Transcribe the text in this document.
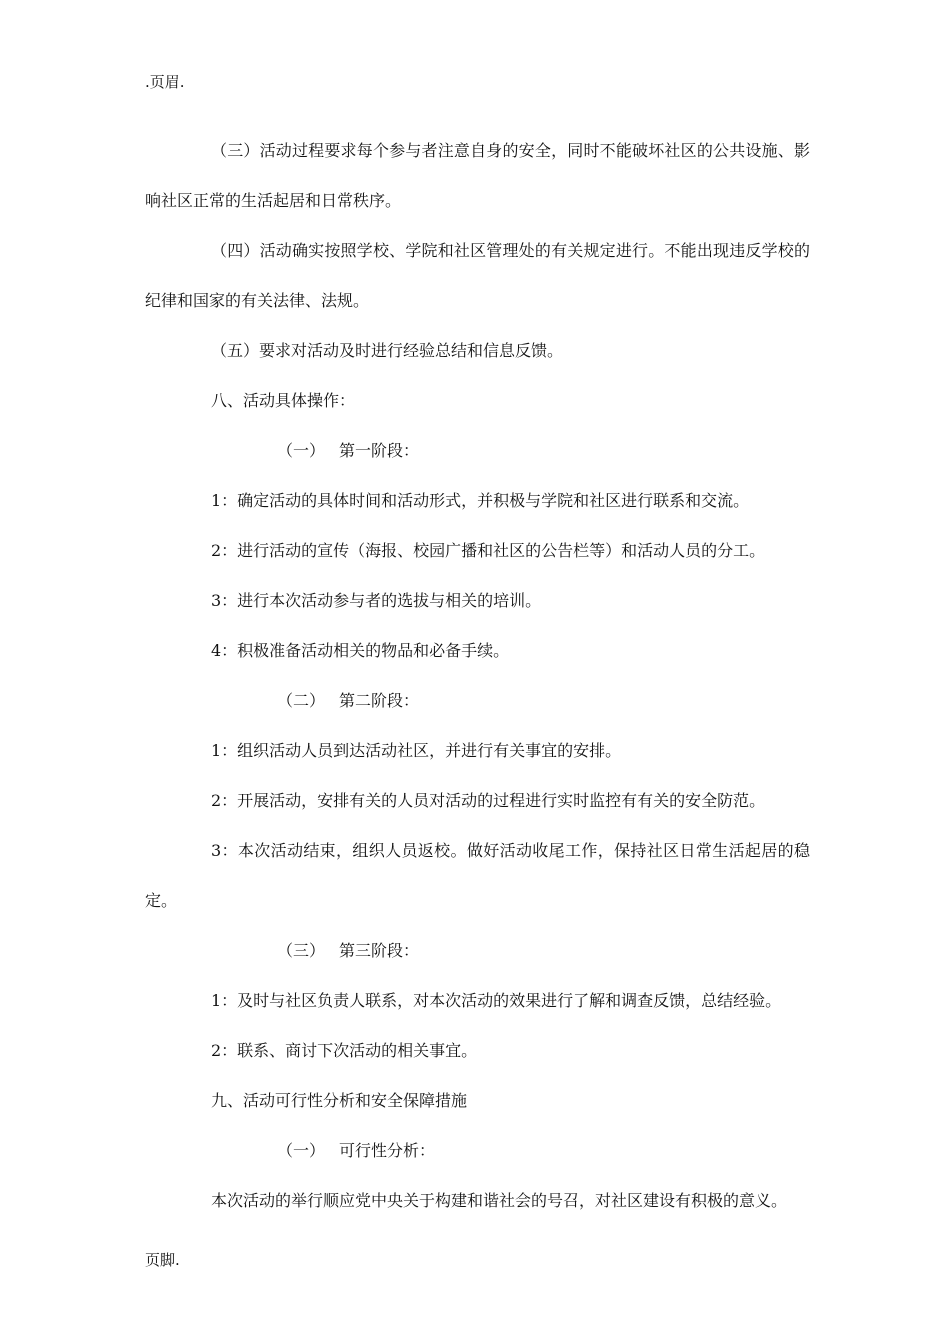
.页眉.

（三）活动过程要求每个参与者注意自身的安全，同时不能破坏社区的公共设施、影响社区正常的生活起居和日常秩序。

（四）活动确实按照学校、学院和社区管理处的有关规定进行。不能出现违反学校的纪律和国家的有关法律、法规。

（五）要求对活动及时进行经验总结和信息反馈。

八、活动具体操作：

（一） 第一阶段：

1：确定活动的具体时间和活动形式，并积极与学院和社区进行联系和交流。

2：进行活动的宣传（海报、校园广播和社区的公告栏等）和活动人员的分工。

3：进行本次活动参与者的选拔与相关的培训。

4：积极准备活动相关的物品和必备手续。

（二） 第二阶段：

1：组织活动人员到达活动社区，并进行有关事宜的安排。

2：开展活动，安排有关的人员对活动的过程进行实时监控有有关的安全防范。

3：本次活动结束，组织人员返校。做好活动收尾工作，保持社区日常生活起居的稳定。

（三） 第三阶段：

1：及时与社区负责人联系，对本次活动的效果进行了解和调查反馈，总结经验。

2：联系、商讨下次活动的相关事宜。

九、活动可行性分析和安全保障措施

（一） 可行性分析：

本次活动的举行顺应党中央关于构建和谐社会的号召，对社区建设有积极的意义。

页脚.
